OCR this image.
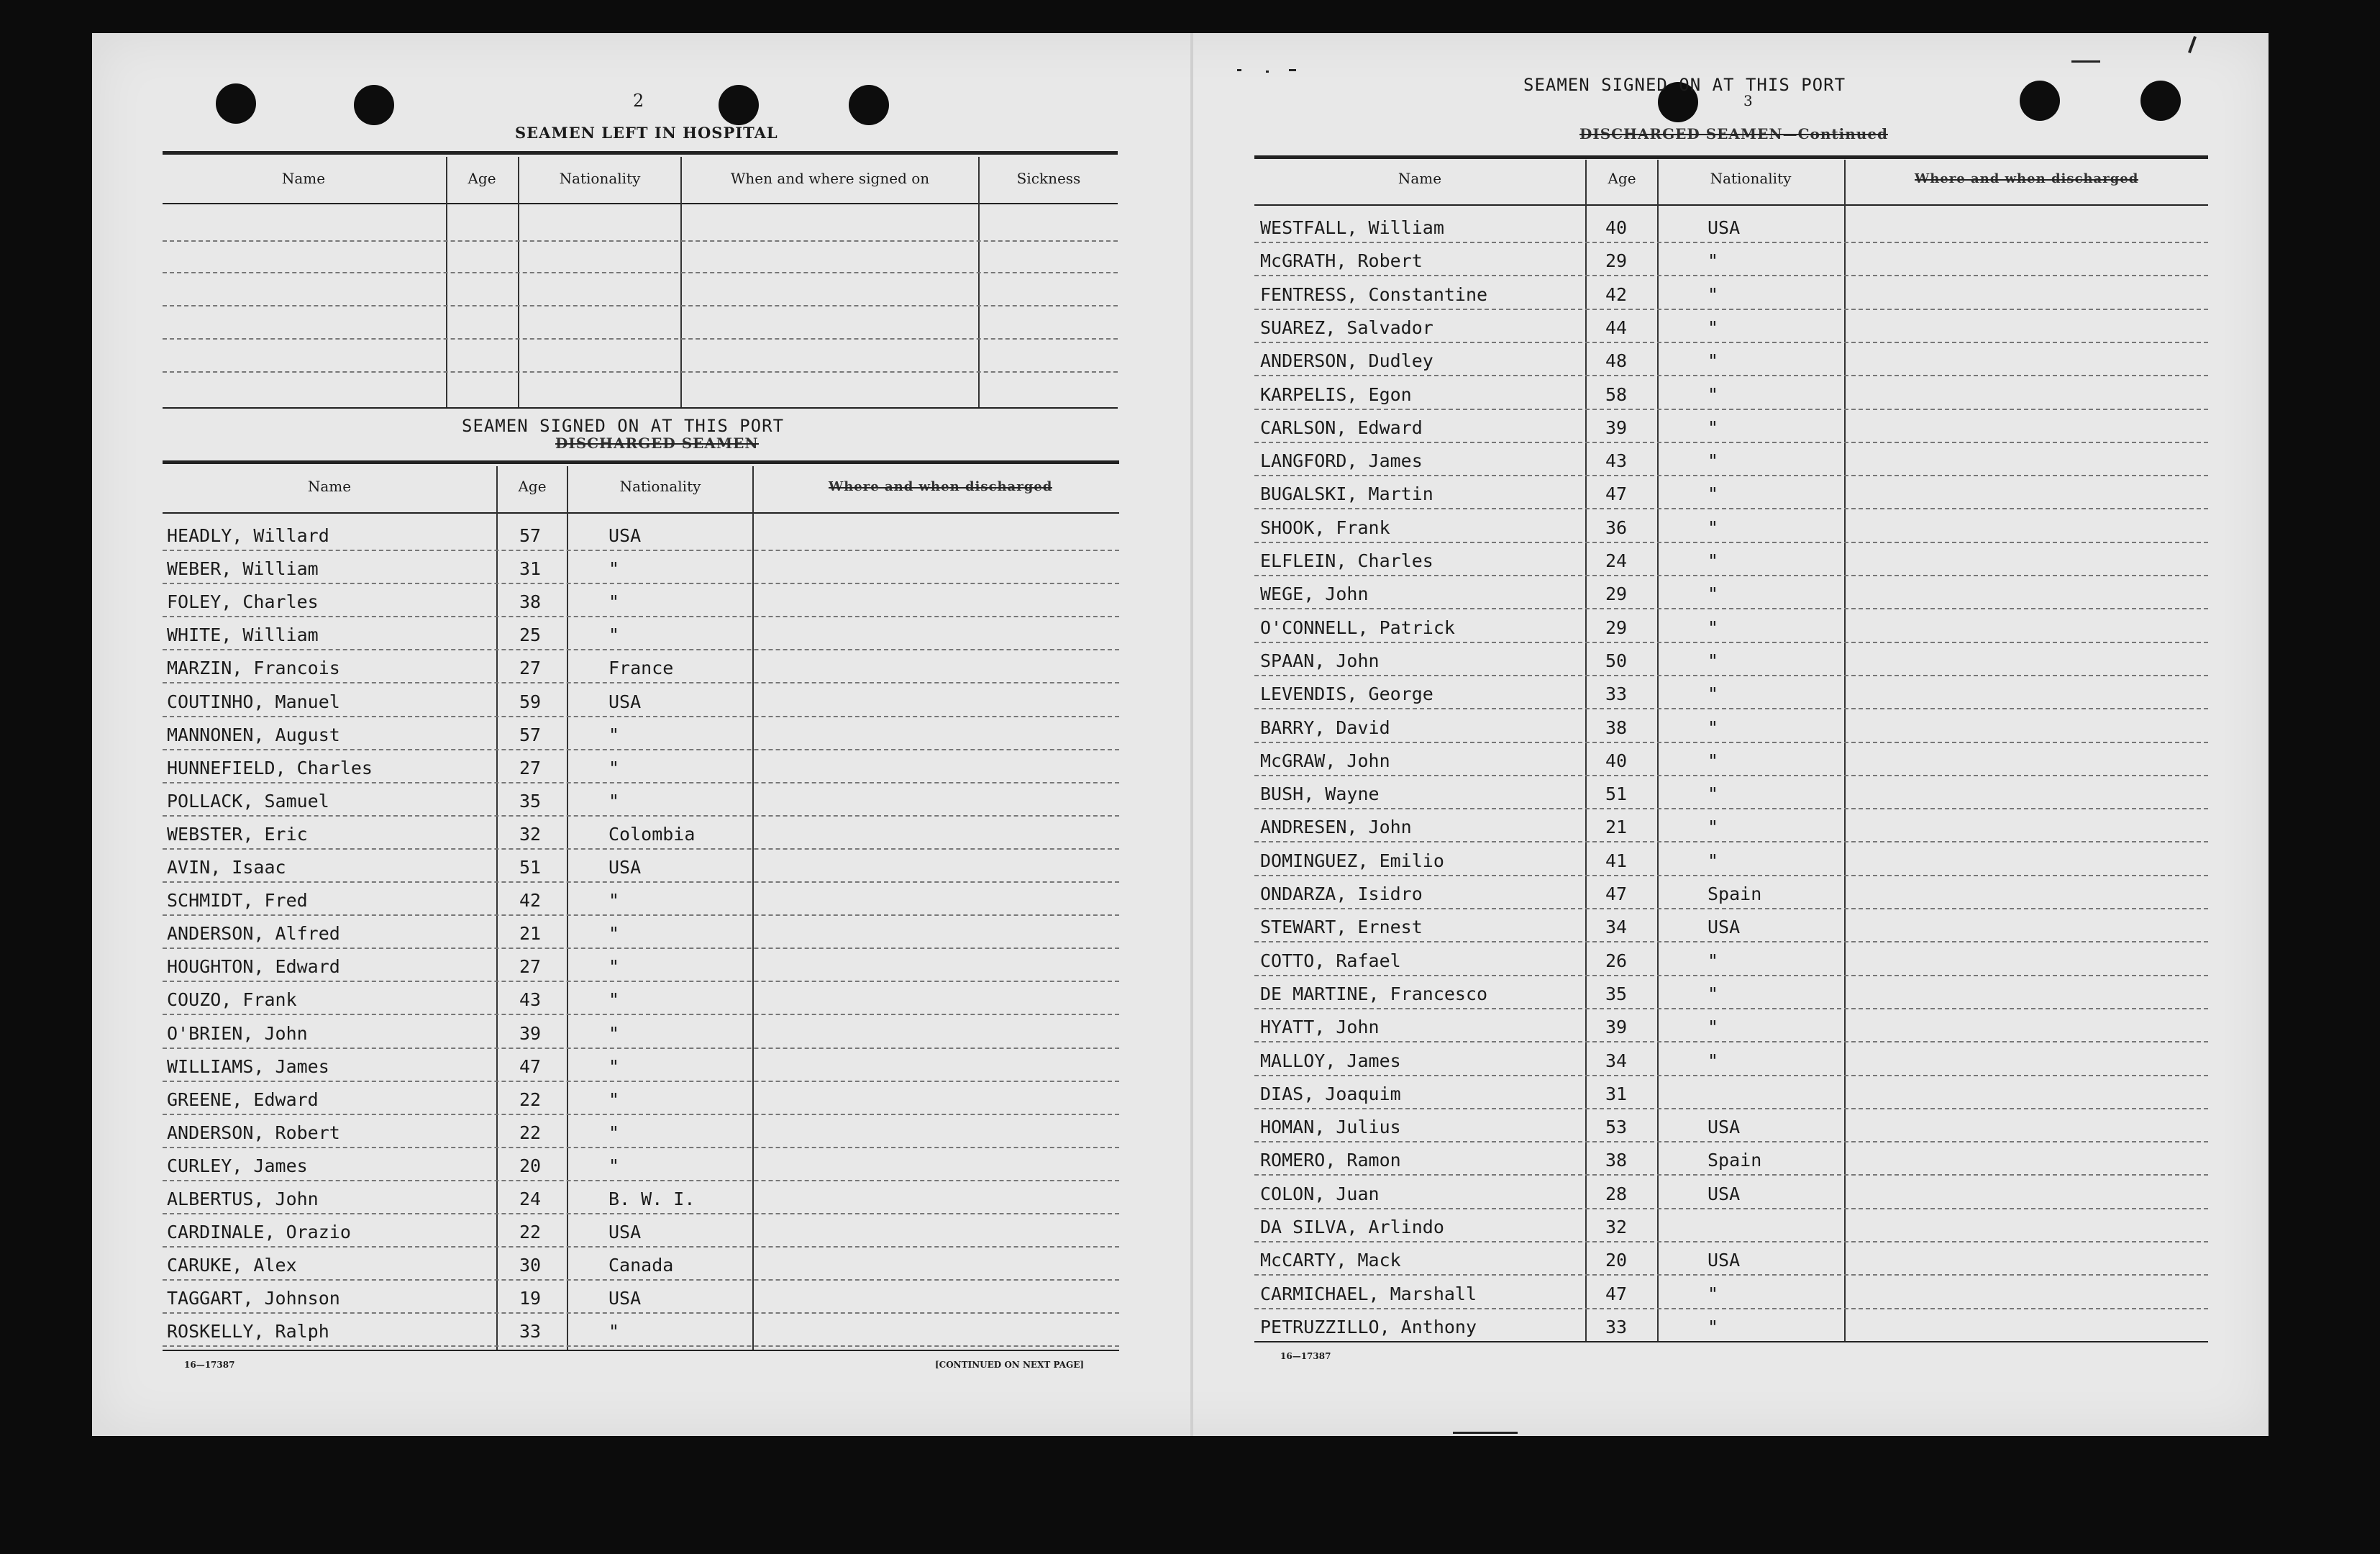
2
SEAMEN LEFT IN HOSPITAL
Name	Age	Nationality	When and where signed on	Sickness
SEAMEN SIGNED ON AT THIS PORT
DISCHARGED SEAMEN
Name	Age	Nationality	Where and when discharged
HEADLY, Willard	57	USA
WEBER, William	31	"
FOLEY, Charles	38	"
WHITE, William	25	"
MARZIN, Francois	27	France
COUTINHO, Manuel	59	USA
MANNONEN, August	57	"
HUNNEFIELD, Charles	27	"
POLLACK, Samuel	35	"
WEBSTER, Eric	32	Colombia
AVIN, Isaac	51	USA
SCHMIDT, Fred	42	"
ANDERSON, Alfred	21	"
HOUGHTON, Edward	27	"
COUZO, Frank	43	"
O'BRIEN, John	39	"
WILLIAMS, James	47	"
GREENE, Edward	22	"
ANDERSON, Robert	22	"
CURLEY, James	20	"
ALBERTUS, John	24	B. W. I.
CARDINALE, Orazio	22	USA
CARUKE, Alex	30	Canada
TAGGART, Johnson	19	USA
ROSKELLY, Ralph	33	"
16—17387	[CONTINUED ON NEXT PAGE]
SEAMEN SIGNED ON AT THIS PORT
3
DISCHARGED SEAMEN—Continued
Name	Age	Nationality	Where and when discharged
WESTFALL, William	40	USA
McGRATH, Robert	29	"
FENTRESS, Constantine	42	"
SUAREZ, Salvador	44	"
ANDERSON, Dudley	48	"
KARPELIS, Egon	58	"
CARLSON, Edward	39	"
LANGFORD, James	43	"
BUGALSKI, Martin	47	"
SHOOK, Frank	36	"
ELFLEIN, Charles	24	"
WEGE, John	29	"
O'CONNELL, Patrick	29	"
SPAAN, John	50	"
LEVENDIS, George	33	"
BARRY, David	38	"
McGRAW, John	40	"
BUSH, Wayne	51	"
ANDRESEN, John	21	"
DOMINGUEZ, Emilio	41	"
ONDARZA, Isidro	47	Spain
STEWART, Ernest	34	USA
COTTO, Rafael	26	"
DE MARTINE, Francesco	35	"
HYATT, John	39	"
MALLOY, James	34	"
DIAS, Joaquim	31
HOMAN, Julius	53	USA
ROMERO, Ramon	38	Spain
COLON, Juan	28	USA
DA SILVA, Arlindo	32
McCARTY, Mack	20	USA
CARMICHAEL, Marshall	47	"
PETRUZZILLO, Anthony	33	"
16—17387
